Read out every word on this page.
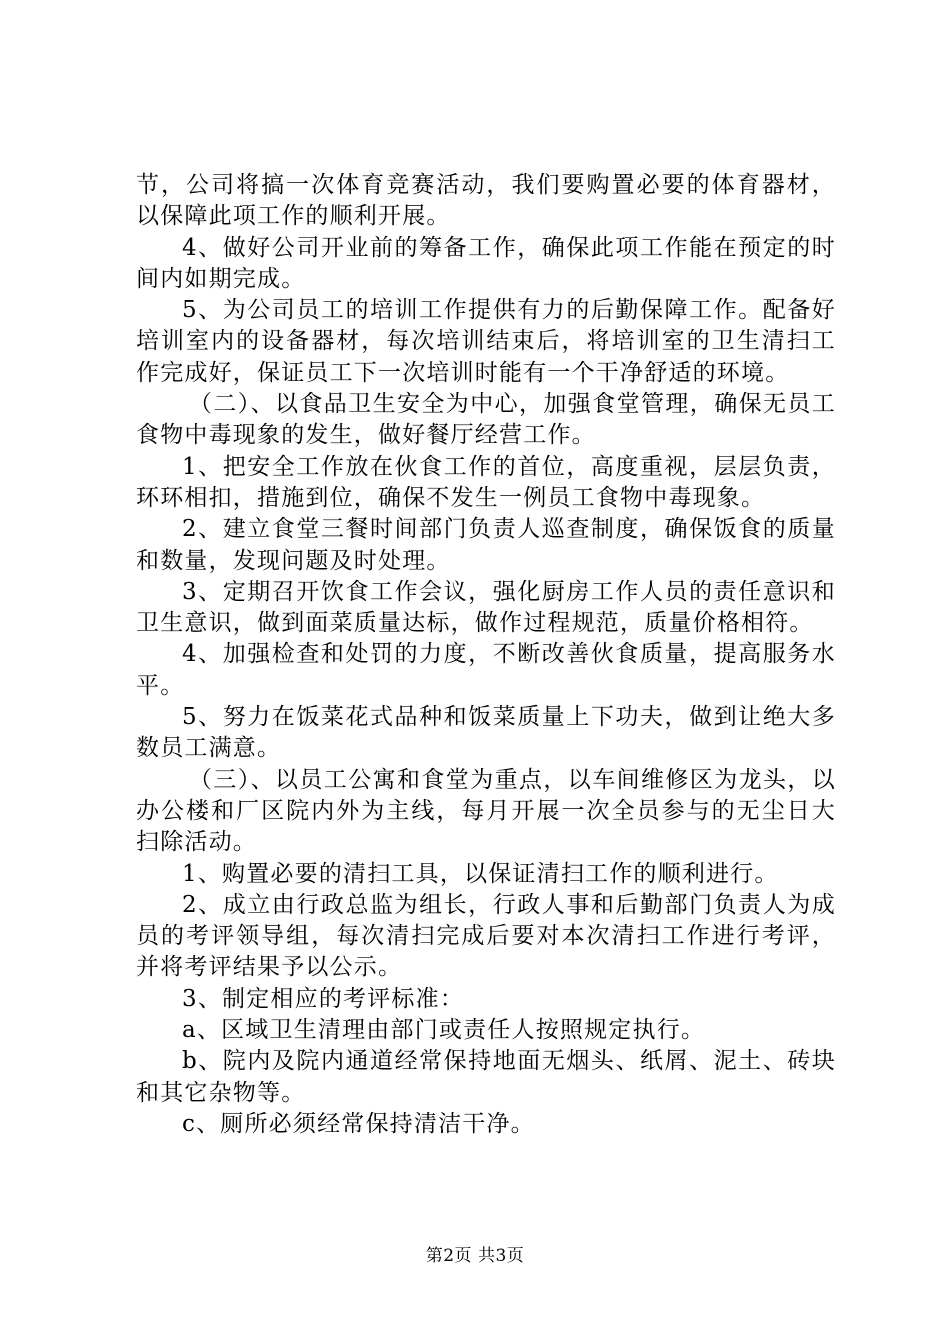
节，公司将搞一次体育竞赛活动，我们要购置必要的体育器材，以保障此项工作的顺利开展。

4、做好公司开业前的筹备工作，确保此项工作能在预定的时间内如期完成。

5、为公司员工的培训工作提供有力的后勤保障工作。配备好培训室内的设备器材，每次培训结束后，将培训室的卫生清扫工作完成好，保证员工下一次培训时能有一个干净舒适的环境。

（二）、以食品卫生安全为中心，加强食堂管理，确保无员工食物中毒现象的发生，做好餐厅经营工作。

1、把安全工作放在伙食工作的首位，高度重视，层层负责，环环相扣，措施到位，确保不发生一例员工食物中毒现象。

2、建立食堂三餐时间部门负责人巡查制度，确保饭食的质量和数量，发现问题及时处理。

3、定期召开饮食工作会议，强化厨房工作人员的责任意识和卫生意识，做到面菜质量达标，做作过程规范，质量价格相符。

4、加强检查和处罚的力度，不断改善伙食质量，提高服务水平。

5、努力在饭菜花式品种和饭菜质量上下功夫，做到让绝大多数员工满意。

（三）、以员工公寓和食堂为重点，以车间维修区为龙头，以办公楼和厂区院内外为主线，每月开展一次全员参与的无尘日大扫除活动。

1、购置必要的清扫工具，以保证清扫工作的顺利进行。

2、成立由行政总监为组长，行政人事和后勤部门负责人为成员的考评领导组，每次清扫完成后要对本次清扫工作进行考评，并将考评结果予以公示。

3、制定相应的考评标准：

a、区域卫生清理由部门或责任人按照规定执行。

b、院内及院内通道经常保持地面无烟头、纸屑、泥土、砖块和其它杂物等。

c、厕所必须经常保持清洁干净。

第2页 共3页
